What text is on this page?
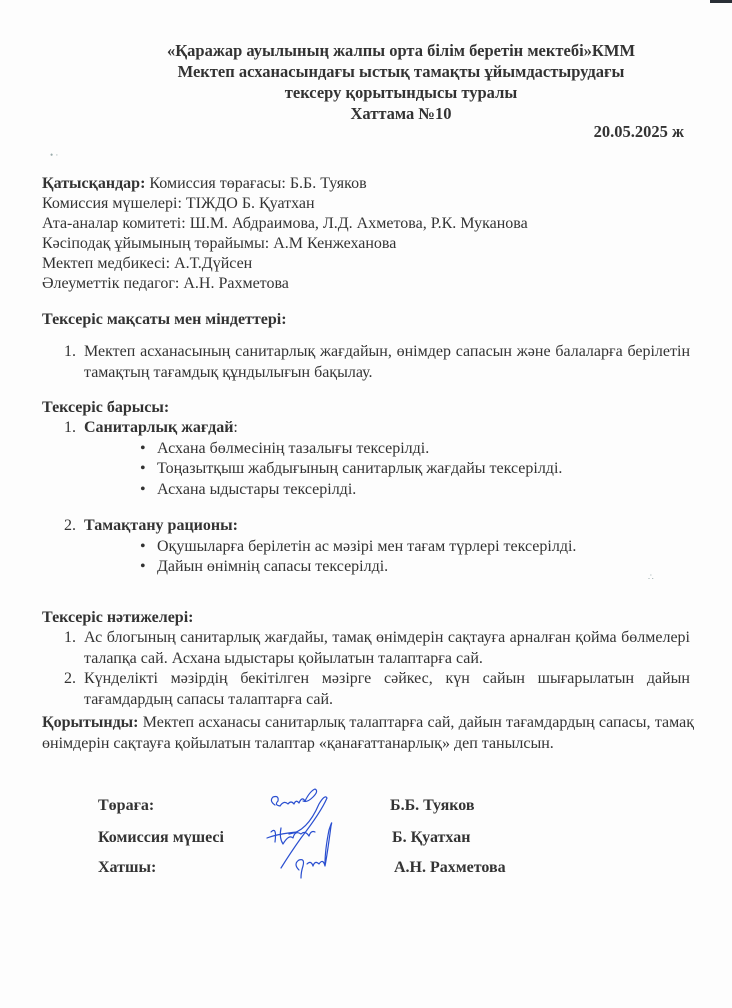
«Қаражар ауылының жалпы орта білім беретін мектебі»КММ
Мектеп асханасындағы ыстық тамақты ұйымдастырудағы
тексеру қорытындысы туралы
Хаттама №10
20.05.2025 ж
• ·
∴
Қатысқандар: Комиссия төрағасы: Б.Б. Туяков
Комиссия мүшелері: ТІЖДО Б. Қуатхан
Ата-аналар комитеті: Ш.М. Абдраимова, Л.Д. Ахметова, Р.К. Муканова
Кәсіподақ ұйымының төрайымы: А.М Кенжеханова
Мектеп медбикесі: А.Т.Дүйсен
Әлеуметтік педагог: А.Н. Рахметова
Тексеріс мақсаты мен міндеттері:
1. Мектеп асханасының санитарлық жағдайын, өнімдер сапасын және балаларға берілетін тамақтың тағамдық құндылығын бақылау.
Тексеріс барысы:
1. Санитарлық жағдай:
• Асхана бөлмесінің тазалығы тексерілді.
• Тоңазытқыш жабдығының санитарлық жағдайы тексерілді.
• Асхана ыдыстары тексерілді.
2. Тамақтану рационы:
• Оқушыларға берілетін ас мәзірі мен тағам түрлері тексерілді.
• Дайын өнімнің сапасы тексерілді.
Тексеріс нәтижелері:
1. Ас блогының санитарлық жағдайы, тамақ өнімдерін сақтауға арналған қойма бөлмелері талапқа сай. Асхана ыдыстары қойылатын талаптарға сай.
2. Күнделікті мәзірдің бекітілген мәзірге сәйкес, күн сайын шығарылатын дайын тағамдардың сапасы талаптарға сай.
Қорытынды: Мектеп асханасы санитарлық талаптарға сай, дайын тағамдардың сапасы, тамақ өнімдерін сақтауға қойылатын талаптар «қанағаттанарлық» деп танылсын.
Төраға:
Комиссия мүшесі
Хатшы:
Б.Б. Туяков
Б. Қуатхан
А.Н. Рахметова
